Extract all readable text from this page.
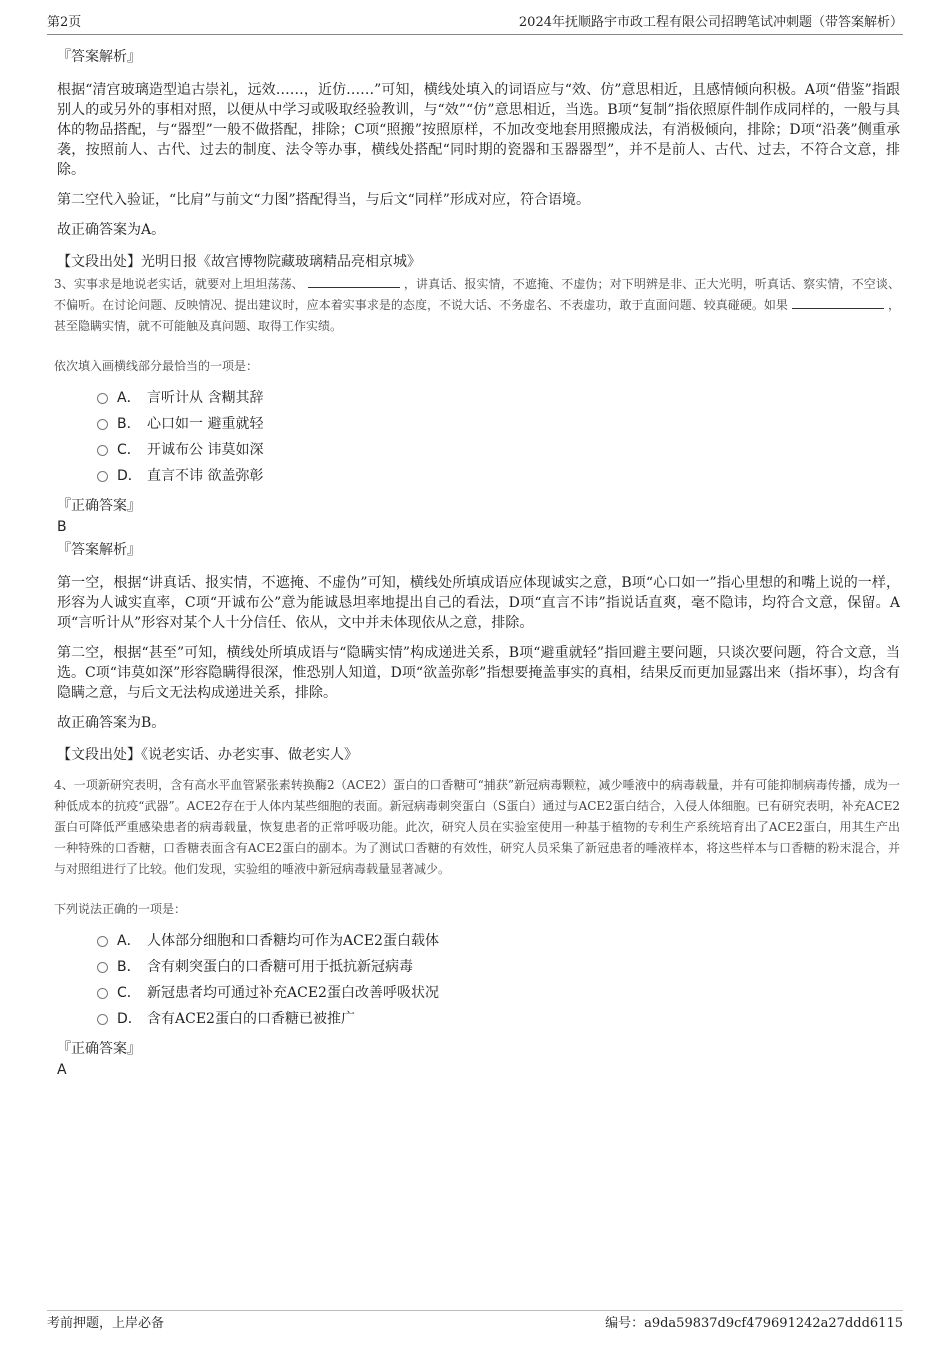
第2页	2024年抚顺路宇市政工程有限公司招聘笔试冲刺题（带答案解析）
『答案解析』

根据“清宫玻璃造型追古崇礼，远效……，近仿……”可知，横线处填入的词语应与“效、仿”意思相近，且感情倾向积极。A项“借鉴”指跟别人的或另外的事相对照，以便从中学习或吸取经验教训，与“效”“仿”意思相近，当选。B项“复制”指依照原件制作成同样的，一般与具体的物品搭配，与“器型”一般不做搭配，排除；C项“照搬”按照原样，不加改变地套用照搬成法，有消极倾向，排除；D项“沿袭”侧重承袭，按照前人、古代、过去的制度、法令等办事，横线处搭配“同时期的瓷器和玉器器型”，并不是前人、古代、过去，不符合文意，排除。

第二空代入验证，“比肩”与前文“力图”搭配得当，与后文“同样”形成对应，符合语境。

故正确答案为A。

【文段出处】光明日报《故宫博物院藏玻璃精品亮相京城》

3、实事求是地说老实话，就要对上坦坦荡荡、	，讲真话、报实情，不遮掩、不虚伪；对下明辨是非、正大光明，听真话、察实情，不空谈、不偏听。在讨论问题、反映情况、提出建议时，应本着实事求是的态度，不说大话、不务虚名、不表虚功，敢于直面问题、较真碰硬。如果	，甚至隐瞒实情，就不可能触及真问题、取得工作实绩。
依次填入画横线部分最恰当的一项是：
A． 言听计从 含糊其辞
B． 心口如一 避重就轻
C． 开诚布公 讳莫如深
D． 直言不讳 欲盖弥彰
『正确答案』
B
『答案解析』

第一空，根据“讲真话、报实情，不遮掩、不虚伪”可知，横线处所填成语应体现诚实之意，B项“心口如一”指心里想的和嘴上说的一样，形容为人诚实直率，C项“开诚布公”意为能诚恳坦率地提出自己的看法，D项“直言不讳”指说话直爽，毫不隐讳，均符合文意，保留。A项“言听计从”形容对某个人十分信任、依从，文中并未体现依从之意，排除。

第二空，根据“甚至”可知，横线处所填成语与“隐瞒实情”构成递进关系，B项“避重就轻”指回避主要问题，只谈次要问题，符合文意，当选。C项“讳莫如深”形容隐瞒得很深，惟恐别人知道，D项“欲盖弥彰”指想要掩盖事实的真相，结果反而更加显露出来（指坏事），均含有隐瞒之意，与后文无法构成递进关系，排除。

故正确答案为B。

【文段出处】《说老实话、办老实事、做老实人》

4、一项新研究表明，含有高水平血管紧张素转换酶2（ACE2）蛋白的口香糖可“捕获”新冠病毒颗粒，减少唾液中的病毒载量，并有可能抑制病毒传播，成为一种低成本的抗疫“武器”。ACE2存在于人体内某些细胞的表面。新冠病毒刺突蛋白（S蛋白）通过与ACE2蛋白结合，入侵人体细胞。已有研究表明，补充ACE2蛋白可降低严重感染患者的病毒载量，恢复患者的正常呼吸功能。此次，研究人员在实验室使用一种基于植物的专利生产系统培育出了ACE2蛋白，用其生产出一种特殊的口香糖，口香糖表面含有ACE2蛋白的副本。为了测试口香糖的有效性，研究人员采集了新冠患者的唾液样本，将这些样本与口香糖的粉末混合，并与对照组进行了比较。他们发现，实验组的唾液中新冠病毒载量显著减少。
下列说法正确的一项是：
A． 人体部分细胞和口香糖均可作为ACE2蛋白载体
B． 含有刺突蛋白的口香糖可用于抵抗新冠病毒
C． 新冠患者均可通过补充ACE2蛋白改善呼吸状况
D． 含有ACE2蛋白的口香糖已被推广
『正确答案』
A
考前押题，上岸必备	编号：a9da59837d9cf479691242a27ddd6115
